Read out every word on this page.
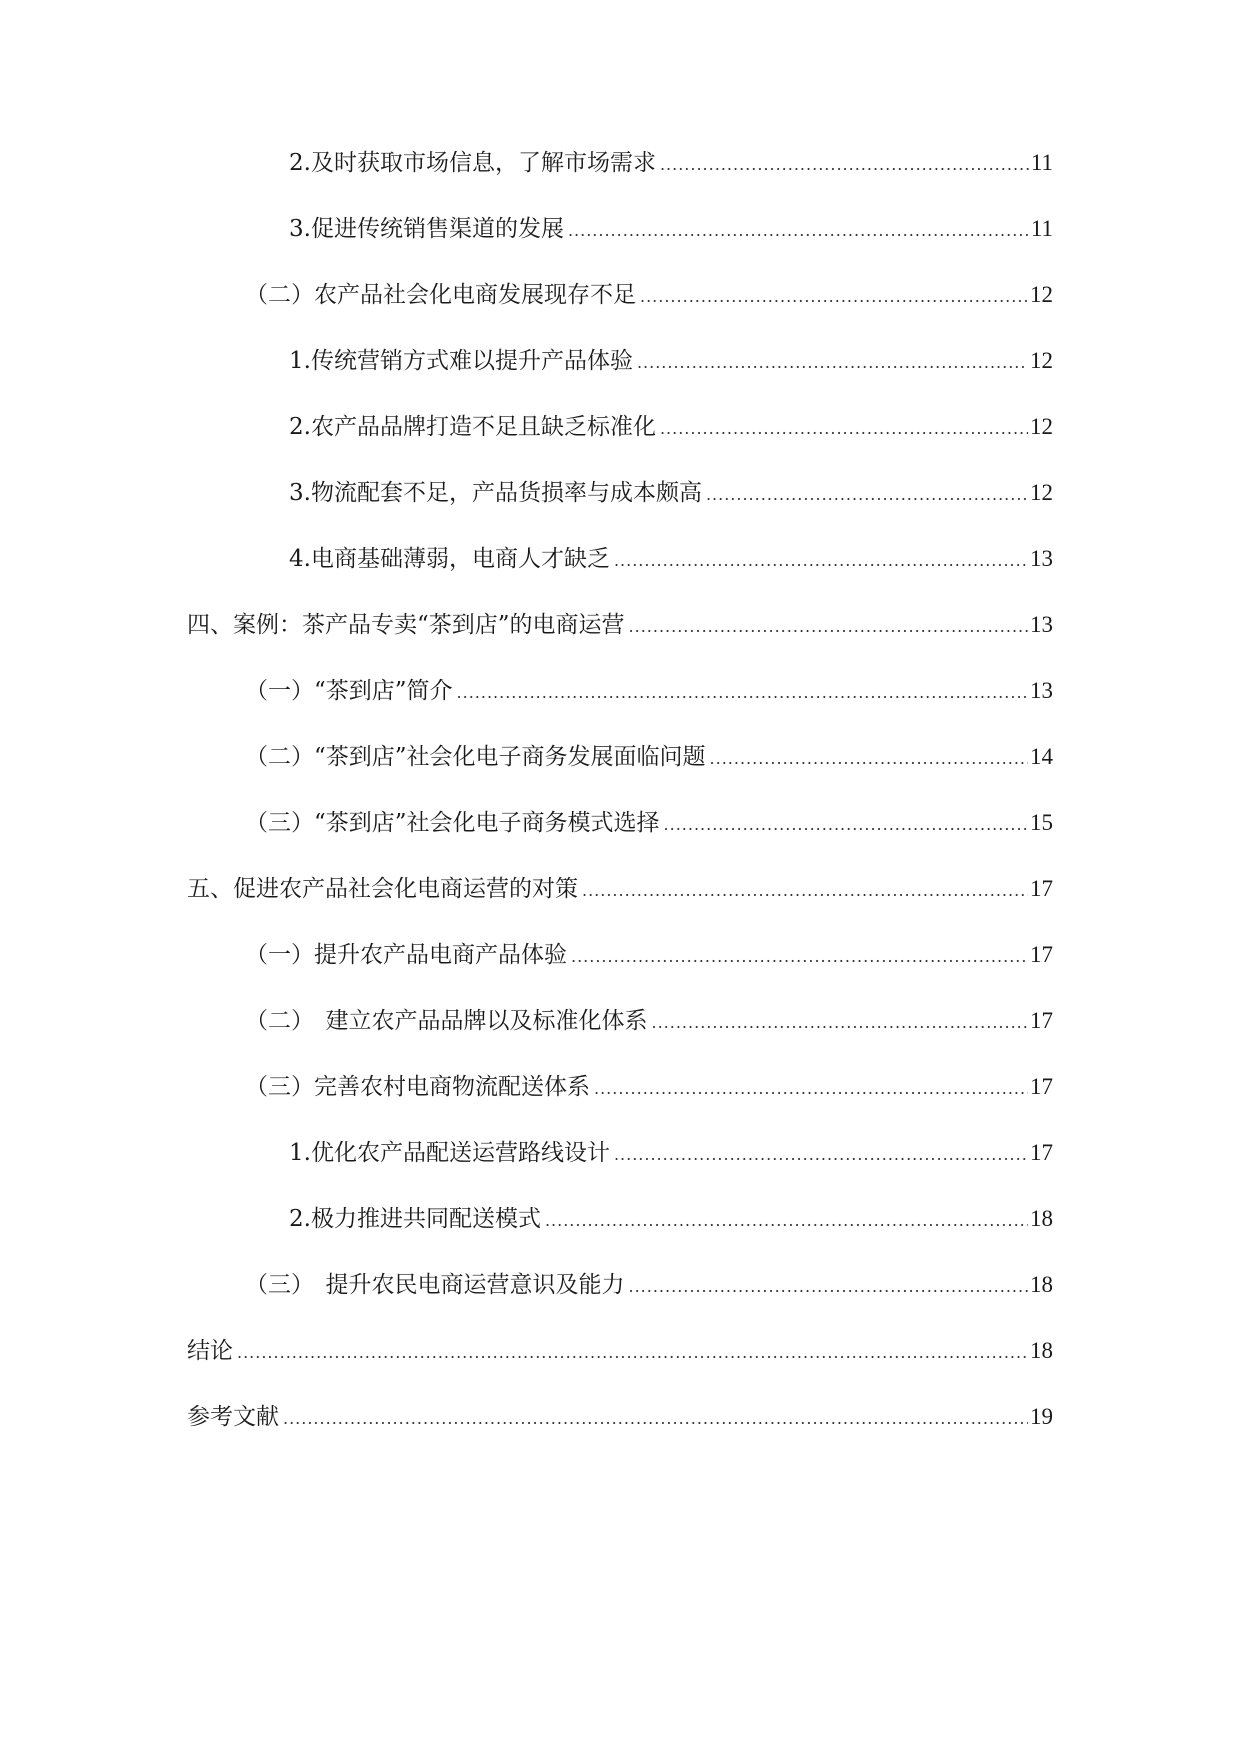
2.及时获取市场信息，了解市场需求 .....	11
3.促进传统销售渠道的发展 .....	11
（二）农产品社会化电商发展现存不足 .....	12
1.传统营销方式难以提升产品体验 .....	12
2.农产品品牌打造不足且缺乏标准化 .....	12
3.物流配套不足，产品货损率与成本颇高 .....	12
4.电商基础薄弱，电商人才缺乏 .....	13
四、案例：茶产品专卖“茶到店”的电商运营 .....	13
（一）“茶到店”简介 .....	13
（二）“茶到店”社会化电子商务发展面临问题 .....	14
（三）“茶到店”社会化电子商务模式选择 .....	15
五、促进农产品社会化电商运营的对策 .....	17
（一）提升农产品电商产品体验 .....	17
（二）　建立农产品品牌以及标准化体系 .....	17
（三）完善农村电商物流配送体系 .....	17
1.优化农产品配送运营路线设计 .....	17
2.极力推进共同配送模式 .....	18
（三）　提升农民电商运营意识及能力 .....	18
结论 .....	18
参考文献 .....	19
